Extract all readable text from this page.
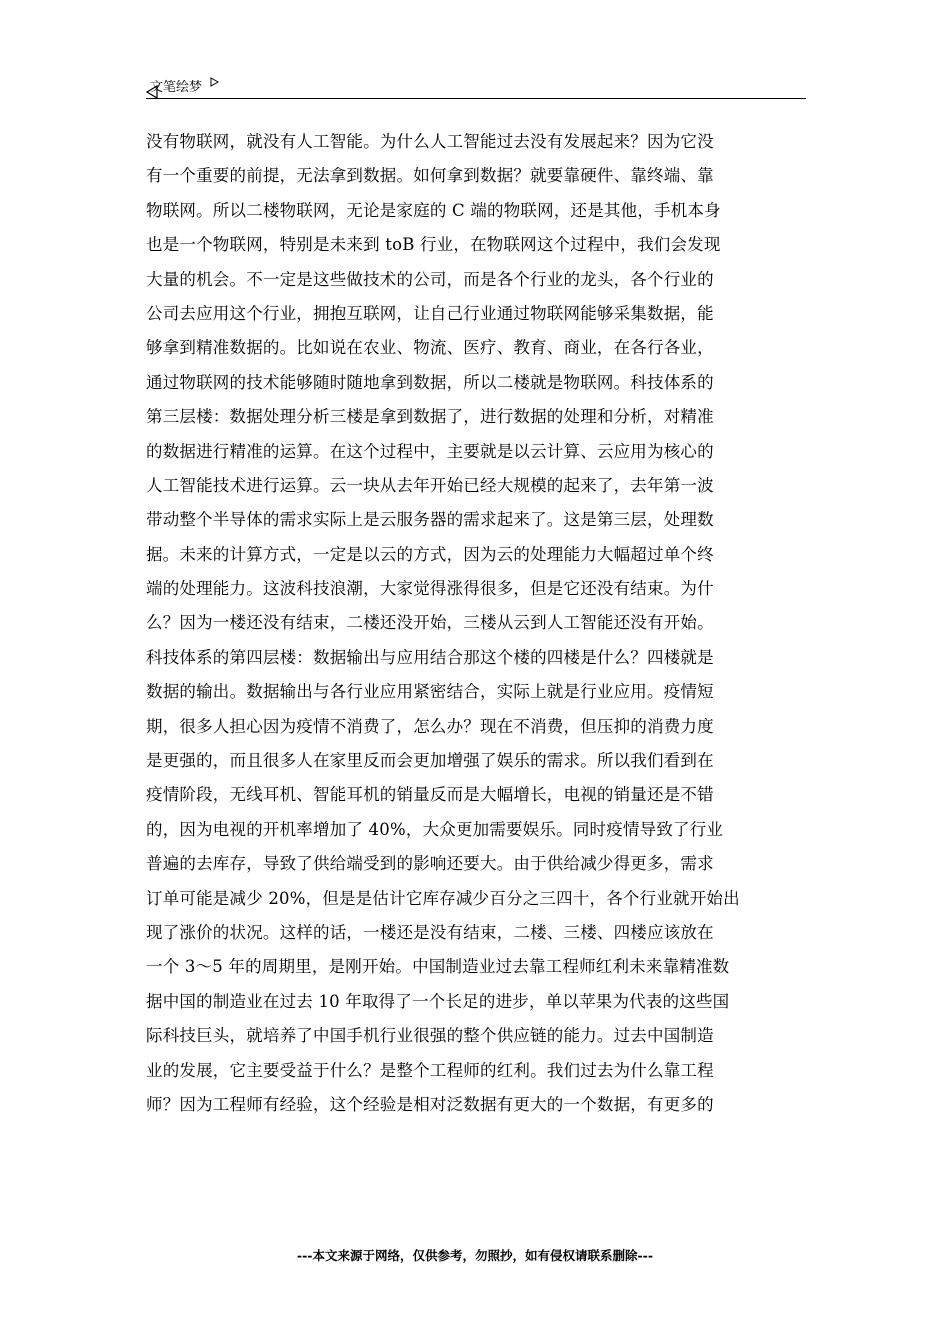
文笔绘梦
没有物联网，就没有人工智能。为什么人工智能过去没有发展起来？因为它没
有一个重要的前提，无法拿到数据。如何拿到数据？就要靠硬件、靠终端、靠
物联网。所以二楼物联网，无论是家庭的 C 端的物联网，还是其他，手机本身
也是一个物联网，特别是未来到 toB 行业，在物联网这个过程中，我们会发现
大量的机会。不一定是这些做技术的公司，而是各个行业的龙头，各个行业的
公司去应用这个行业，拥抱互联网，让自己行业通过物联网能够采集数据，能
够拿到精准数据的。比如说在农业、物流、医疗、教育、商业，在各行各业，
通过物联网的技术能够随时随地拿到数据，所以二楼就是物联网。科技体系的
第三层楼：数据处理分析三楼是拿到数据了，进行数据的处理和分析，对精准
的数据进行精准的运算。在这个过程中，主要就是以云计算、云应用为核心的
人工智能技术进行运算。云一块从去年开始已经大规模的起来了，去年第一波
带动整个半导体的需求实际上是云服务器的需求起来了。这是第三层，处理数
据。未来的计算方式，一定是以云的方式，因为云的处理能力大幅超过单个终
端的处理能力。这波科技浪潮，大家觉得涨得很多，但是它还没有结束。为什
么？因为一楼还没有结束，二楼还没开始，三楼从云到人工智能还没有开始。
科技体系的第四层楼：数据输出与应用结合那这个楼的四楼是什么？四楼就是
数据的输出。数据输出与各行业应用紧密结合，实际上就是行业应用。疫情短
期，很多人担心因为疫情不消费了，怎么办？现在不消费，但压抑的消费力度
是更强的，而且很多人在家里反而会更加增强了娱乐的需求。所以我们看到在
疫情阶段，无线耳机、智能耳机的销量反而是大幅增长，电视的销量还是不错
的，因为电视的开机率增加了 40%，大众更加需要娱乐。同时疫情导致了行业
普遍的去库存，导致了供给端受到的影响还要大。由于供给减少得更多，需求
订单可能是减少 20%，但是是估计它库存减少百分之三四十，各个行业就开始出
现了涨价的状况。这样的话，一楼还是没有结束，二楼、三楼、四楼应该放在
一个 3～5 年的周期里，是刚开始。中国制造业过去靠工程师红利未来靠精准数
据中国的制造业在过去 10 年取得了一个长足的进步，单以苹果为代表的这些国
际科技巨头，就培养了中国手机行业很强的整个供应链的能力。过去中国制造
业的发展，它主要受益于什么？是整个工程师的红利。我们过去为什么靠工程
师？因为工程师有经验，这个经验是相对泛数据有更大的一个数据，有更多的
---本文来源于网络，仅供参考，勿照抄，如有侵权请联系删除---
